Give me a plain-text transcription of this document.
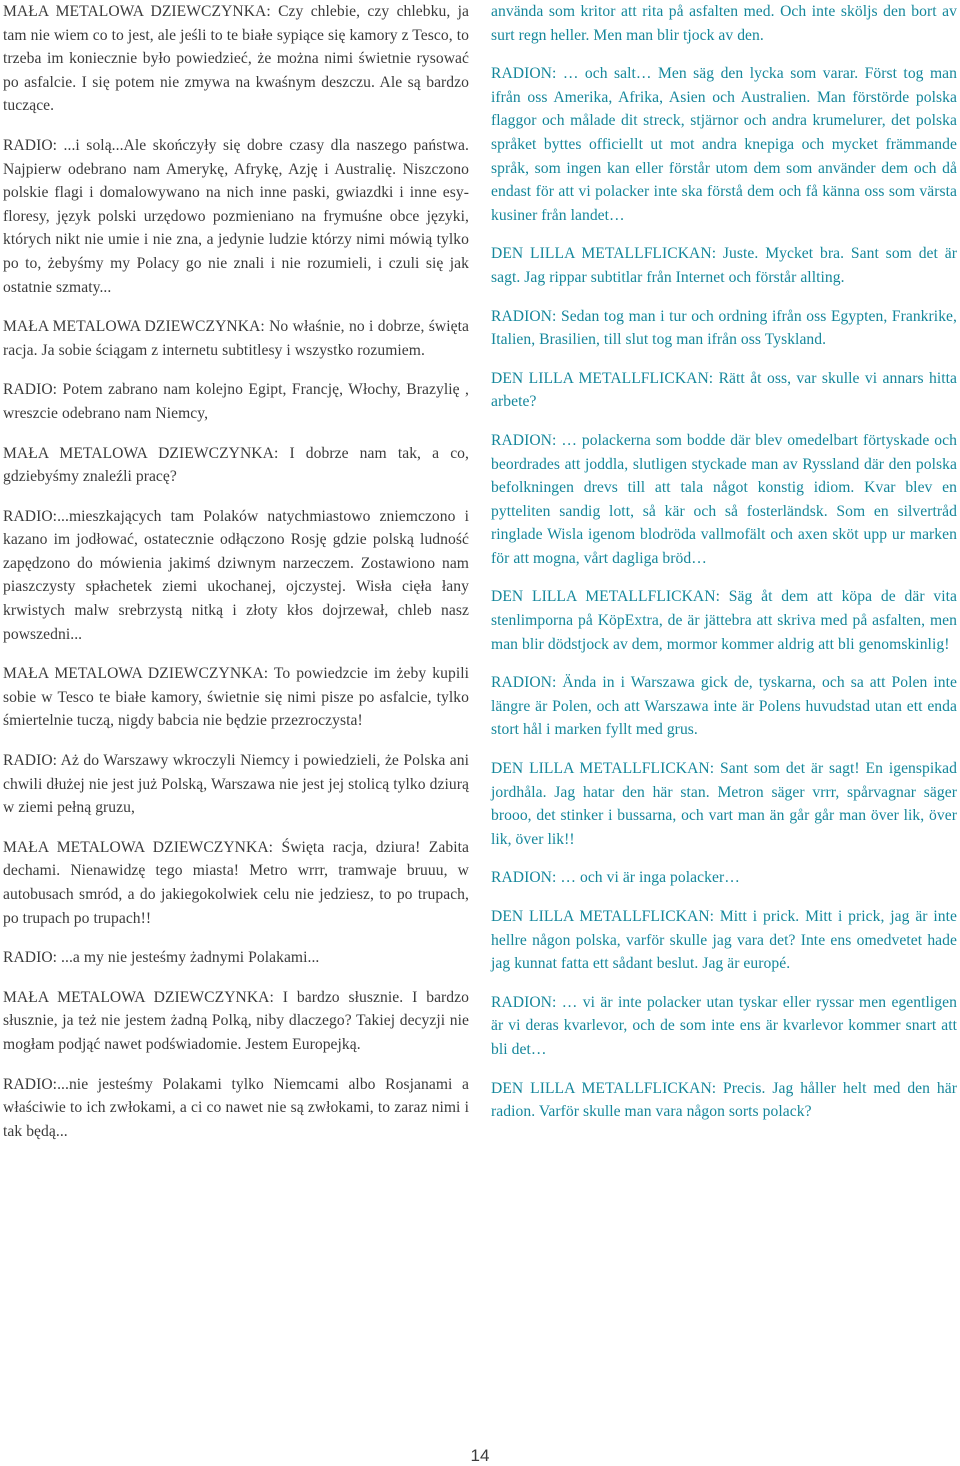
MAŁA METALOWA DZIEWCZYNKA: Czy chlebie, czy chlebku, ja tam nie wiem co to jest, ale jeśli to te białe sypiące się kamory z Tesco, to trzeba im koniecznie było powiedzieć, że można nimi świetnie rysować po asfalcie. I się potem nie zmywa na kwaśnym deszczu. Ale są bardzo tuczące.

RADIO: ...i solą...Ale skończyły się dobre czasy dla naszego państwa. Najpierw odebrano nam Amerykę, Afrykę, Azję i Australię. Niszczono polskie flagi i domalowywano na nich inne paski, gwiazdki i inne esy-floresy, język polski urzędowo pozmieniano na frymuśne obce języki, których nikt nie umie i nie zna, a jedynie ludzie którzy nimi mówią tylko po to, żebyśmy my Polacy go nie znali i nie rozumieli, i czuli się jak ostatnie szmaty...

MAŁA METALOWA DZIEWCZYNKA: No właśnie, no i dobrze, święta racja. Ja sobie ściągam z internetu subtitlesy i wszystko rozumiem.

RADIO: Potem zabrano nam kolejno Egipt, Francję, Włochy, Brazylię , wreszcie odebrano nam Niemcy,

MAŁA METALOWA DZIEWCZYNKA: I dobrze nam tak, a co, gdziebyśmy znaleźli pracę?

RADIO:...mieszkających tam Polaków natychmiastowo zniemczono i kazano im jodłować, ostatecznie odłączono Rosję gdzie polską ludność zapędzono do mówienia jakimś dziwnym narzeczem. Zostawiono nam piaszczysty spłachetek ziemi ukochanej, ojczystej. Wisła cięła łany krwistych malw srebrzystą nitką i złoty kłos dojrzewał, chleb nasz powszedni...

MAŁA METALOWA DZIEWCZYNKA: To powiedzcie im żeby kupili sobie w Tesco te białe kamory, świetnie się nimi pisze po asfalcie, tylko śmiertelnie tuczą, nigdy babcia nie będzie przezroczysta!

RADIO: Aż do Warszawy wkroczyli Niemcy i powiedzieli, że Polska ani chwili dłużej nie jest już Polską, Warszawa nie jest jej stolicą tylko dziurą w ziemi pełną gruzu,

MAŁA METALOWA DZIEWCZYNKA: Święta racja, dziura! Zabita dechami. Nienawidzę tego miasta! Metro wrrr, tramwaje bruuu, w autobusach smród, a do jakiegokolwiek celu nie jedziesz, to po trupach, po trupach po trupach!!

RADIO: ...a my nie jesteśmy żadnymi Polakami...

MAŁA METALOWA DZIEWCZYNKA: I bardzo słusznie. I bardzo słusznie, ja też nie jestem żadną Polką, niby dlaczego? Takiej decyzji nie mogłam podjąć nawet podświadomie. Jestem Europejką.

RADIO:...nie jesteśmy Polakami tylko Niemcami albo Rosjanami a właściwie to ich zwłokami, a ci co nawet nie są zwłokami, to zaraz nimi i tak będą...

använda som kritor att rita på asfalten med. Och inte sköljs den bort av surt regn heller. Men man blir tjock av den.

RADION: … och salt… Men säg den lycka som varar. Först tog man ifrån oss Amerika, Afrika, Asien och Australien. Man förstörde polska flaggor och målade dit streck, stjärnor och andra krumelurer, det polska språket byttes officiellt ut mot andra knepiga och mycket främmande språk, som ingen kan eller förstår utom dem som använder dem och då endast för att vi polacker inte ska förstå dem och få känna oss som värsta kusiner från landet…

DEN LILLA METALLFLICKAN: Juste. Mycket bra. Sant som det är sagt. Jag rippar subtitlar från Internet och förstår allting.

RADION: Sedan tog man i tur och ordning ifrån oss Egypten, Frankrike, Italien, Brasilien, till slut tog man ifrån oss Tyskland.

DEN LILLA METALLFLICKAN: Rätt åt oss, var skulle vi annars hitta arbete?

RADION: … polackerna som bodde där blev omedelbart förtyskade och beordrades att joddla, slutligen styckade man av Ryssland där den polska befolkningen drevs till att tala något konstig idiom. Kvar blev en pytteliten sandig lott, så kär och så fosterländsk. Som en silvertråd ringlade Wisla igenom blodröda vallmofält och axen sköt upp ur marken för att mogna, vårt dagliga bröd…

DEN LILLA METALLFLICKAN: Säg åt dem att köpa de där vita stenlimporna på KöpExtra, de är jättebra att skriva med på asfalten, men man blir dödstjock av dem, mormor kommer aldrig att bli genomskinlig!

RADION: Ända in i Warszawa gick de, tyskarna, och sa att Polen inte längre är Polen, och att Warszawa inte är Polens huvudstad utan ett enda stort hål i marken fyllt med grus.

DEN LILLA METALLFLICKAN: Sant som det är sagt! En igenspikad jordhåla. Jag hatar den här stan. Metron säger vrrr, spårvagnar säger brooo, det stinker i bussarna, och vart man än går går man över lik, över lik, över lik!!

RADION: … och vi är inga polacker…

DEN LILLA METALLFLICKAN: Mitt i prick. Mitt i prick, jag är inte hellre någon polska, varför skulle jag vara det? Inte ens omedvetet hade jag kunnat fatta ett sådant beslut. Jag är europé.

RADION: … vi är inte polacker utan tyskar eller ryssar men egentligen är vi deras kvarlevor, och de som inte ens är kvarlevor kommer snart att bli det…

DEN LILLA METALLFLICKAN: Precis. Jag håller helt med den här radion. Varför skulle man vara någon sorts polack?

14
